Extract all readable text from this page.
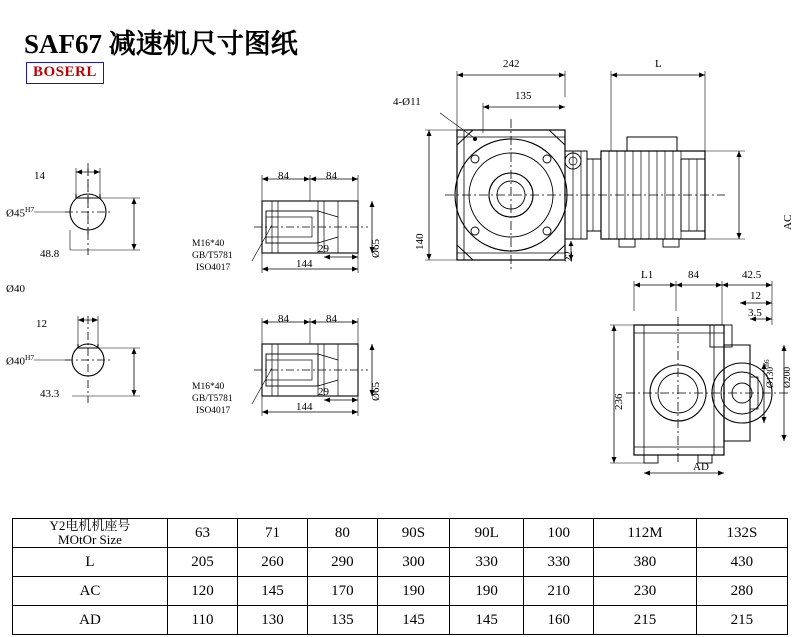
SAF67 减速机尺寸图纸
BOSERL
14
$Ø45^{H7}$
48.8
Ø40
12
$Ø40^{H7}$
43.3
84	84
29
144
Ø65
M16*40
GB/T5781
ISO4017
84	84
29
144
Ø65
M16*40
GB/T5781
ISO4017
242	L
135
4-Ø11
140
22
AC
L1	84	42.5
12
3.5
236
$Ø130^{h6}$
Ø200
AD
Y2电机机座号
MOtOr Size	63	71	80	90S	90L	100	112M	132S
L	205	260	290	300	330	330	380	430
AC	120	145	170	190	190	210	230	280
AD	110	130	135	145	145	160	215	215
